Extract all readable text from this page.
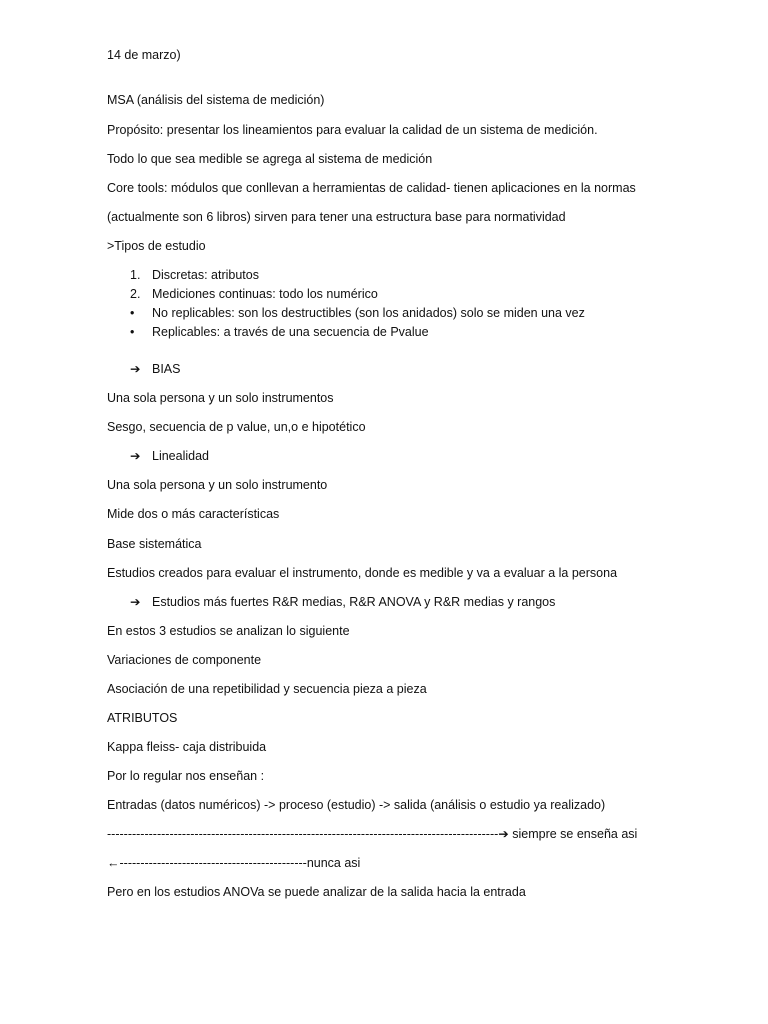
14 de marzo)
MSA (análisis del sistema de medición)
Propósito: presentar los lineamientos para evaluar la calidad de un sistema de medición.
Todo lo que sea medible se agrega al sistema de medición
Core tools: módulos que conllevan a herramientas de calidad- tienen aplicaciones en la normas
(actualmente son 6 libros) sirven para tener una estructura base para normatividad
>Tipos de estudio
1. Discretas: atributos
2. Mediciones continuas: todo los numérico
• No replicables: son los destructibles (son los anidados) solo se miden una vez
• Replicables: a través de una secuencia de Pvalue
➔ BIAS
Una sola persona y un solo instrumentos
Sesgo, secuencia de p value, un,o e hipotético
➔ Linealidad
Una sola persona y un solo instrumento
Mide dos o más características
Base sistemática
Estudios creados para evaluar el instrumento, donde es medible y va a evaluar a la persona
➔ Estudios más fuertes R&R medias, R&R ANOVA y R&R medias y rangos
En estos 3 estudios se analizan lo siguiente
Variaciones de componente
Asociación de una repetibilidad y secuencia pieza a pieza
ATRIBUTOS
Kappa fleiss- caja distribuida
Por lo regular nos enseñan :
Entradas (datos numéricos) -> proceso (estudio) -> salida (análisis o estudio ya realizado)
----------------------------------------------------------------------------------------------➔ siempre se enseña asi
←---------------------------------------------nunca asi
Pero en los estudios ANOVa se puede analizar de la salida hacia la entrada
